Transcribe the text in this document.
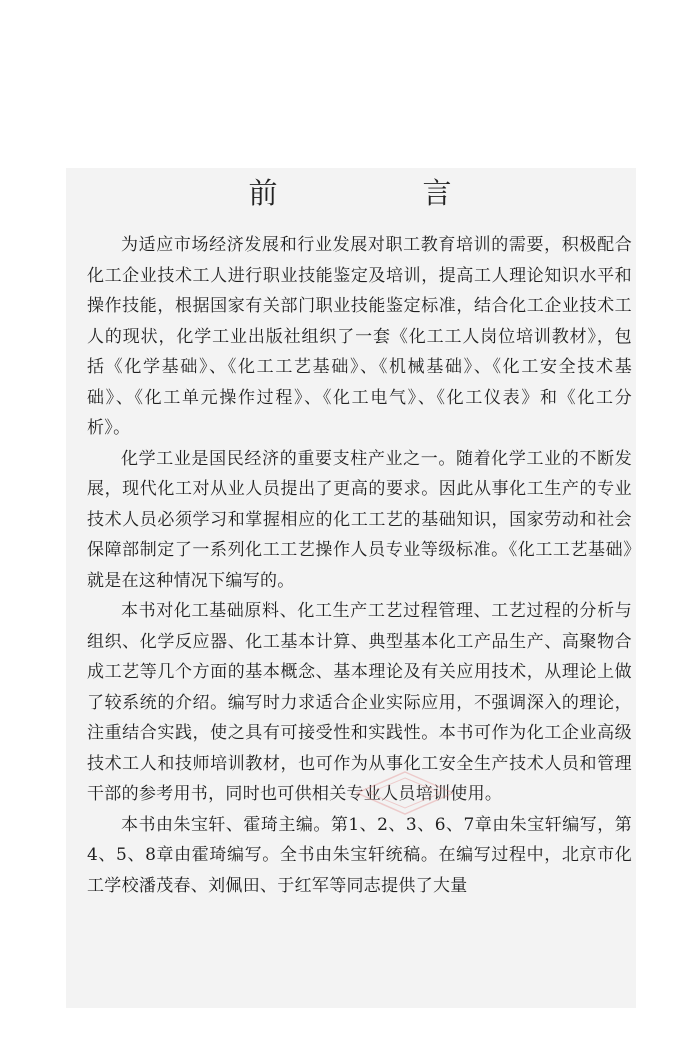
前　言

为适应市场经济发展和行业发展对职工教育培训的需要，积极配合化工企业技术工人进行职业技能鉴定及培训，提高工人理论知识水平和操作技能，根据国家有关部门职业技能鉴定标准，结合化工企业技术工人的现状，化学工业出版社组织了一套《化工工人岗位培训教材》，包括《化学基础》、《化工工艺基础》、《机械基础》、《化工安全技术基础》、《化工单元操作过程》、《化工电气》、《化工仪表》和《化工分析》。

化学工业是国民经济的重要支柱产业之一。随着化学工业的不断发展，现代化工对从业人员提出了更高的要求。因此从事化工生产的专业技术人员必须学习和掌握相应的化工工艺的基础知识，国家劳动和社会保障部制定了一系列化工工艺操作人员专业等级标准。《化工工艺基础》就是在这种情况下编写的。

本书对化工基础原料、化工生产工艺过程管理、工艺过程的分析与组织、化学反应器、化工基本计算、典型基本化工产品生产、高聚物合成工艺等几个方面的基本概念、基本理论及有关应用技术，从理论上做了较系统的介绍。编写时力求适合企业实际应用，不强调深入的理论，注重结合实践，使之具有可接受性和实践性。本书可作为化工企业高级技术工人和技师培训教材，也可作为从事化工安全生产技术人员和管理干部的参考用书，同时也可供相关专业人员培训使用。

本书由朱宝轩、霍琦主编。第1、2、3、6、7章由朱宝轩编写，第4、5、8章由霍琦编写。全书由朱宝轩统稿。在编写过程中，北京市化工学校潘茂春、刘佩田、于红军等同志提供了大量
